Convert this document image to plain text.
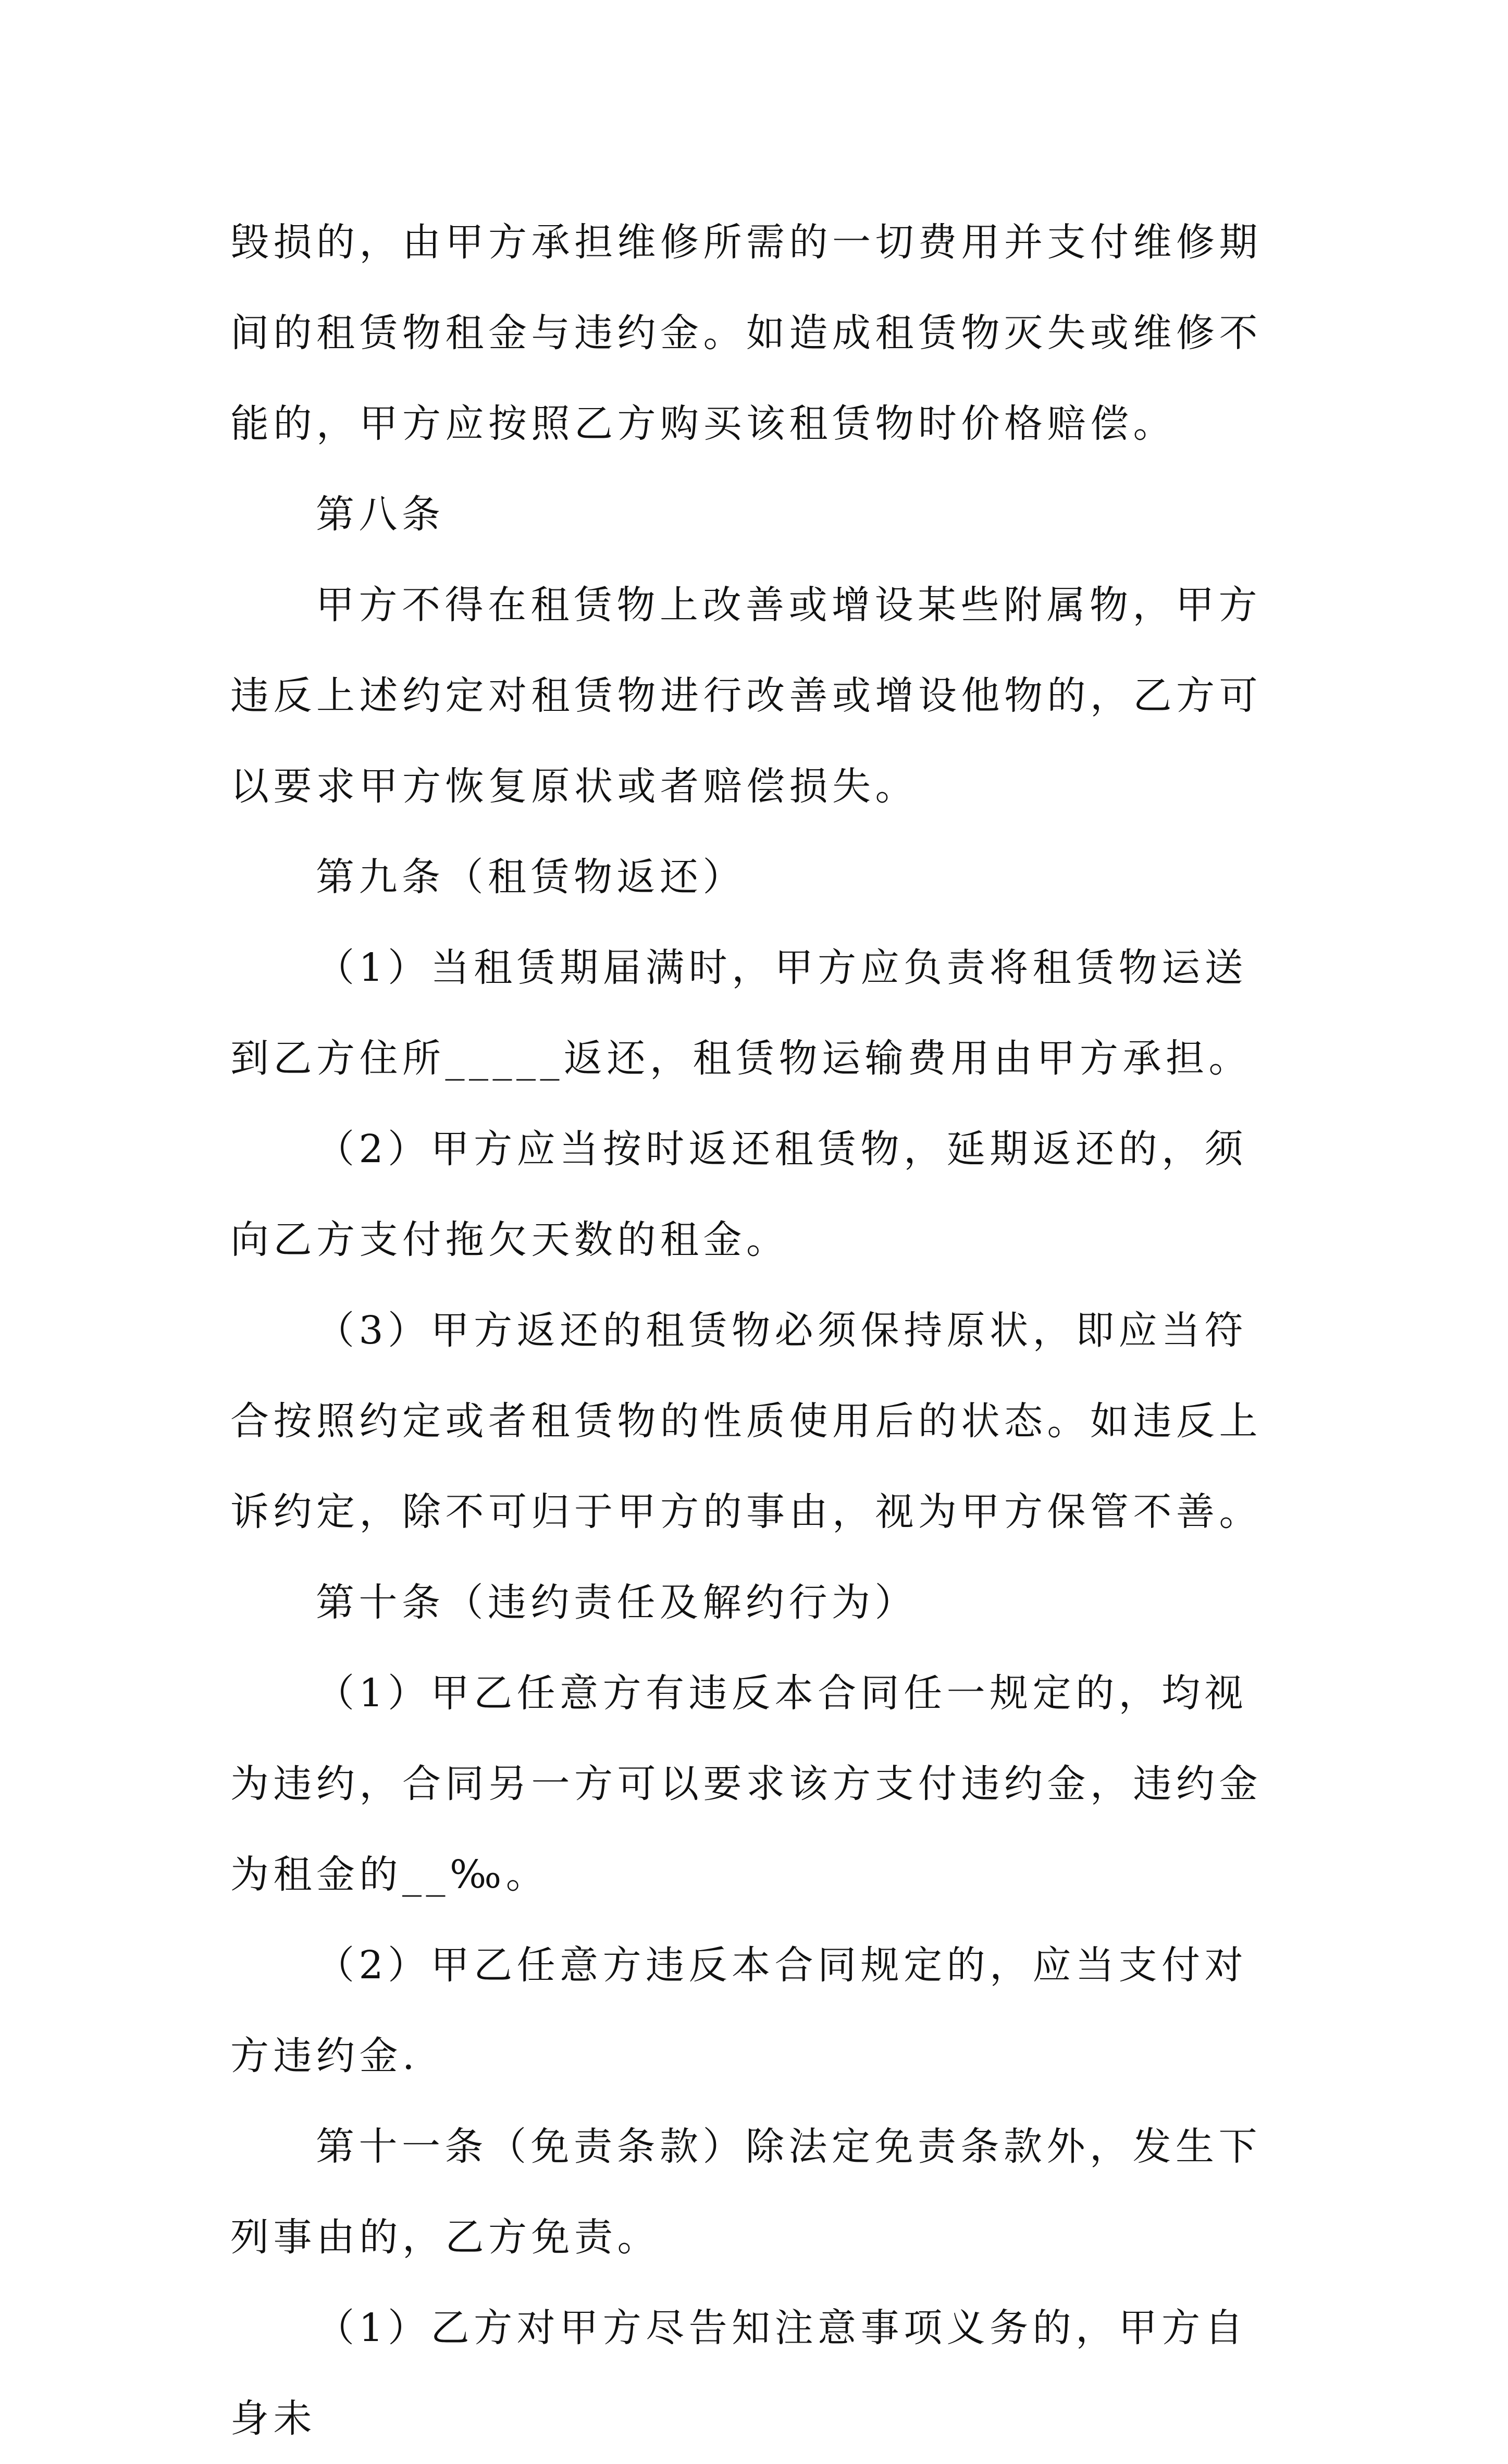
毁损的，由甲方承担维修所需的一切费用并支付维修期间的租赁物租金与违约金。如造成租赁物灭失或维修不能的，甲方应按照乙方购买该租赁物时价格赔偿。

第八条

甲方不得在租赁物上改善或增设某些附属物，甲方违反上述约定对租赁物进行改善或增设他物的，乙方可以要求甲方恢复原状或者赔偿损失。

第九条（租赁物返还）

（1）当租赁期届满时，甲方应负责将租赁物运送到乙方住所_____返还，租赁物运输费用由甲方承担。

（2）甲方应当按时返还租赁物，延期返还的，须向乙方支付拖欠天数的租金。

（3）甲方返还的租赁物必须保持原状，即应当符合按照约定或者租赁物的性质使用后的状态。如违反上诉约定，除不可归于甲方的事由，视为甲方保管不善。

第十条（违约责任及解约行为）

（1）甲乙任意方有违反本合同任一规定的，均视为违约，合同另一方可以要求该方支付违约金，违约金为租金的__‰。

（2）甲乙任意方违反本合同规定的，应当支付对方违约金.

第十一条（免责条款）除法定免责条款外，发生下列事由的，乙方免责。

（1）乙方对甲方尽告知注意事项义务的，甲方自身未
